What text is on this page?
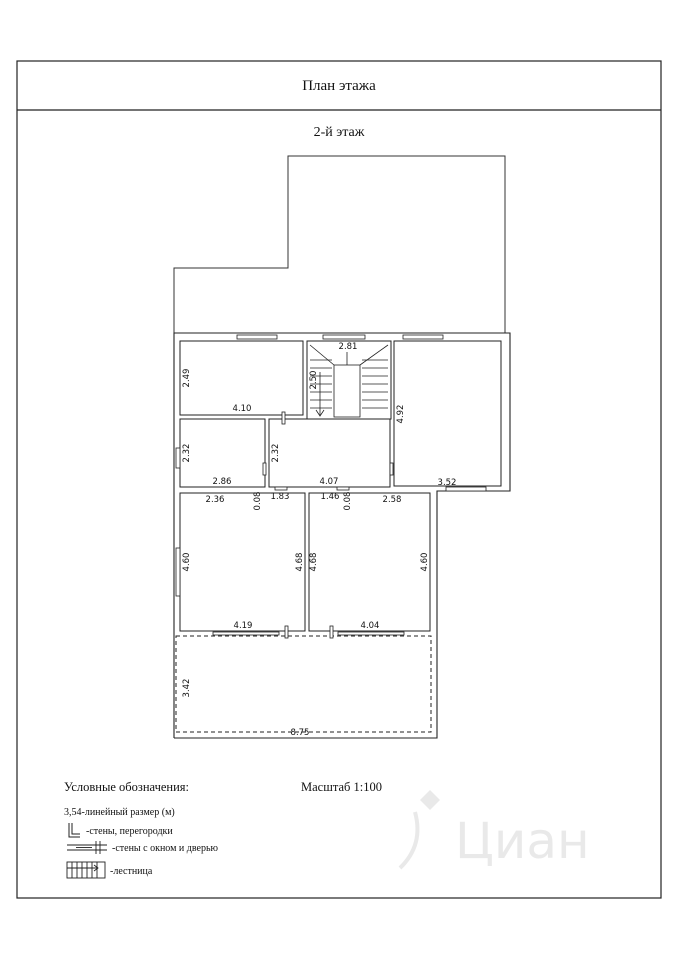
План этажа
2-й этаж
Циан
4.10
2.49
2.81
2.50
4.92
3.52
2.32
2.86
2.32
4.07
2.36	0.08 1.83	1.46 0.08	2.58
4.60	4.68
4.19
4.68	4.60
4.04
3.42
8.75
Условные обозначения:	Масштаб 1:100
3,54-линейный размер (м)
-стены, перегородки
-стены с окном и дверью
-лестница
